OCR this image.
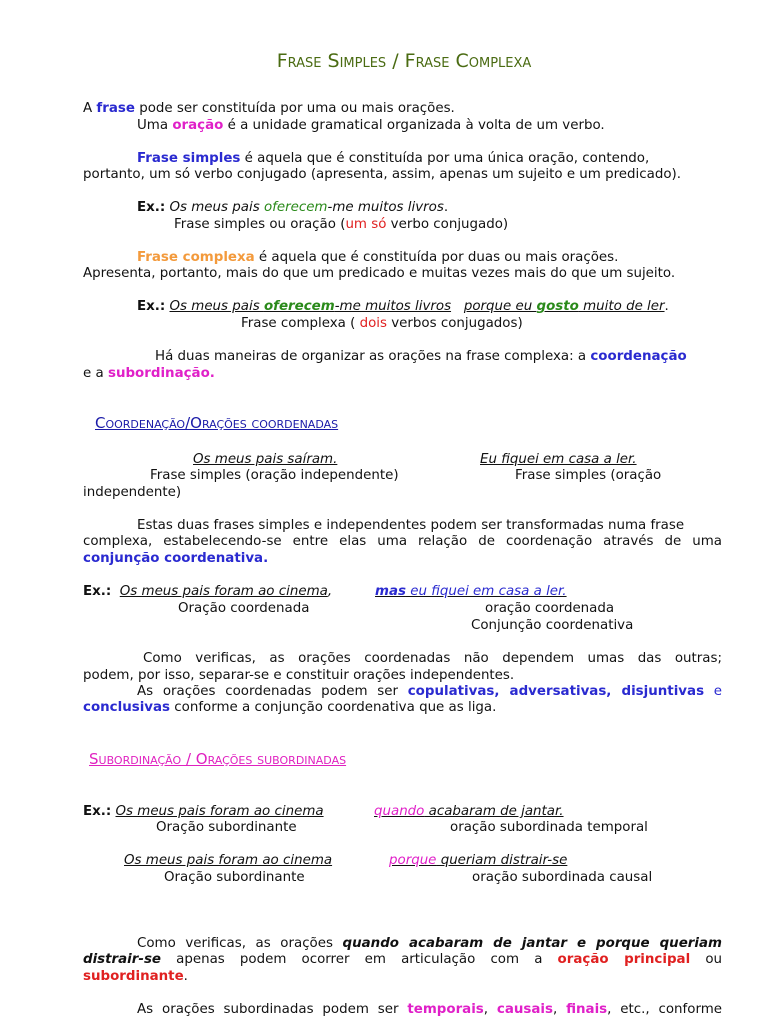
Frase Simples / Frase Complexa
A frase pode ser constituída por uma ou mais orações.
Uma oração é a unidade gramatical organizada à volta de um verbo.
Frase simples é aquela que é constituída por uma única oração, contendo,
portanto, um só verbo conjugado (apresenta, assim, apenas um sujeito e um predicado).
Ex.: Os meus pais oferecem-me muitos livros.
Frase simples ou oração (um só verbo conjugado)
Frase complexa é aquela que é constituída por duas ou mais orações.
Apresenta, portanto, mais do que um predicado e muitas vezes mais do que um sujeito.
Ex.: Os meus pais oferecem-me muitos livros porque eu gosto muito de ler.
Frase complexa ( dois verbos conjugados)
Há duas maneiras de organizar as orações na frase complexa: a coordenação
e a subordinação.
Coordenação/Orações coordenadas
Os meus pais saíram.	Eu fiquei em casa a ler.
Frase simples (oração independente)	Frase simples (oração
independente)
Estas duas frases simples e independentes podem ser transformadas numa frase
complexa, estabelecendo-se entre elas uma relação de coordenação através de uma
conjunção coordenativa.
Ex.: Os meus pais foram ao cinema,	mas eu fiquei em casa a ler.
Oração coordenada	oração coordenada
Conjunção coordenativa
Como verificas, as orações coordenadas não dependem umas das outras;
podem, por isso, separar-se e constituir orações independentes.
As orações coordenadas podem ser copulativas, adversativas, disjuntivas e
conclusivas conforme a conjunção coordenativa que as liga.
Subordinação / Orações subordinadas
Ex.: Os meus pais foram ao cinema	quando acabaram de jantar.
Oração subordinante	oração subordinada temporal
Os meus pais foram ao cinema	porque queriam distrair-se
Oração subordinante	oração subordinada causal
Como verificas, as orações quando acabaram de jantar e porque queriam
distrair-se apenas podem ocorrer em articulação com a oração principal ou
subordinante.
As orações subordinadas podem ser temporais, causais, finais, etc., conforme
